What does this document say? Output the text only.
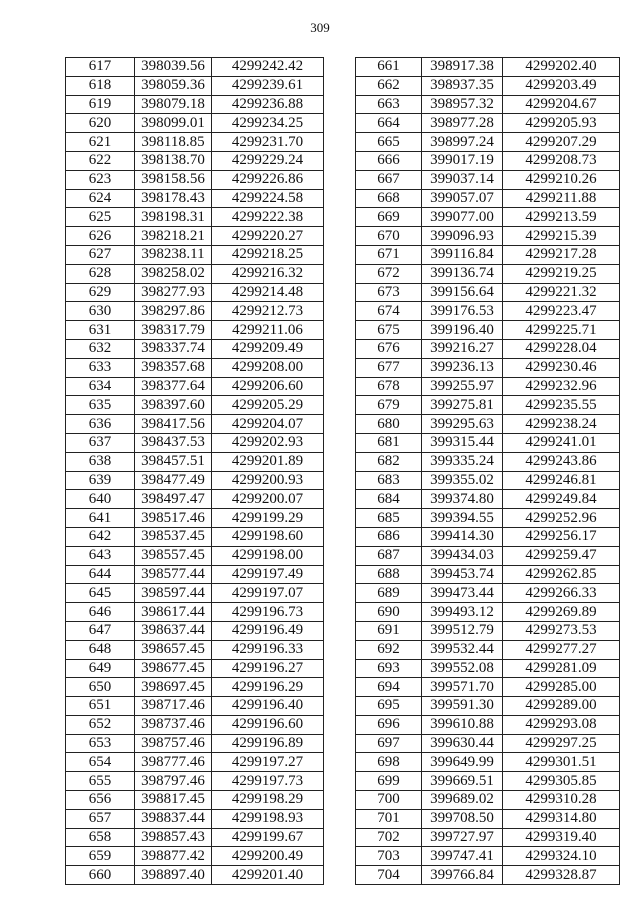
309
617	398039.56	4299242.42
618	398059.36	4299239.61
619	398079.18	4299236.88
620	398099.01	4299234.25
621	398118.85	4299231.70
622	398138.70	4299229.24
623	398158.56	4299226.86
624	398178.43	4299224.58
625	398198.31	4299222.38
626	398218.21	4299220.27
627	398238.11	4299218.25
628	398258.02	4299216.32
629	398277.93	4299214.48
630	398297.86	4299212.73
631	398317.79	4299211.06
632	398337.74	4299209.49
633	398357.68	4299208.00
634	398377.64	4299206.60
635	398397.60	4299205.29
636	398417.56	4299204.07
637	398437.53	4299202.93
638	398457.51	4299201.89
639	398477.49	4299200.93
640	398497.47	4299200.07
641	398517.46	4299199.29
642	398537.45	4299198.60
643	398557.45	4299198.00
644	398577.44	4299197.49
645	398597.44	4299197.07
646	398617.44	4299196.73
647	398637.44	4299196.49
648	398657.45	4299196.33
649	398677.45	4299196.27
650	398697.45	4299196.29
651	398717.46	4299196.40
652	398737.46	4299196.60
653	398757.46	4299196.89
654	398777.46	4299197.27
655	398797.46	4299197.73
656	398817.45	4299198.29
657	398837.44	4299198.93
658	398857.43	4299199.67
659	398877.42	4299200.49
660	398897.40	4299201.40
661	398917.38	4299202.40
662	398937.35	4299203.49
663	398957.32	4299204.67
664	398977.28	4299205.93
665	398997.24	4299207.29
666	399017.19	4299208.73
667	399037.14	4299210.26
668	399057.07	4299211.88
669	399077.00	4299213.59
670	399096.93	4299215.39
671	399116.84	4299217.28
672	399136.74	4299219.25
673	399156.64	4299221.32
674	399176.53	4299223.47
675	399196.40	4299225.71
676	399216.27	4299228.04
677	399236.13	4299230.46
678	399255.97	4299232.96
679	399275.81	4299235.55
680	399295.63	4299238.24
681	399315.44	4299241.01
682	399335.24	4299243.86
683	399355.02	4299246.81
684	399374.80	4299249.84
685	399394.55	4299252.96
686	399414.30	4299256.17
687	399434.03	4299259.47
688	399453.74	4299262.85
689	399473.44	4299266.33
690	399493.12	4299269.89
691	399512.79	4299273.53
692	399532.44	4299277.27
693	399552.08	4299281.09
694	399571.70	4299285.00
695	399591.30	4299289.00
696	399610.88	4299293.08
697	399630.44	4299297.25
698	399649.99	4299301.51
699	399669.51	4299305.85
700	399689.02	4299310.28
701	399708.50	4299314.80
702	399727.97	4299319.40
703	399747.41	4299324.10
704	399766.84	4299328.87
